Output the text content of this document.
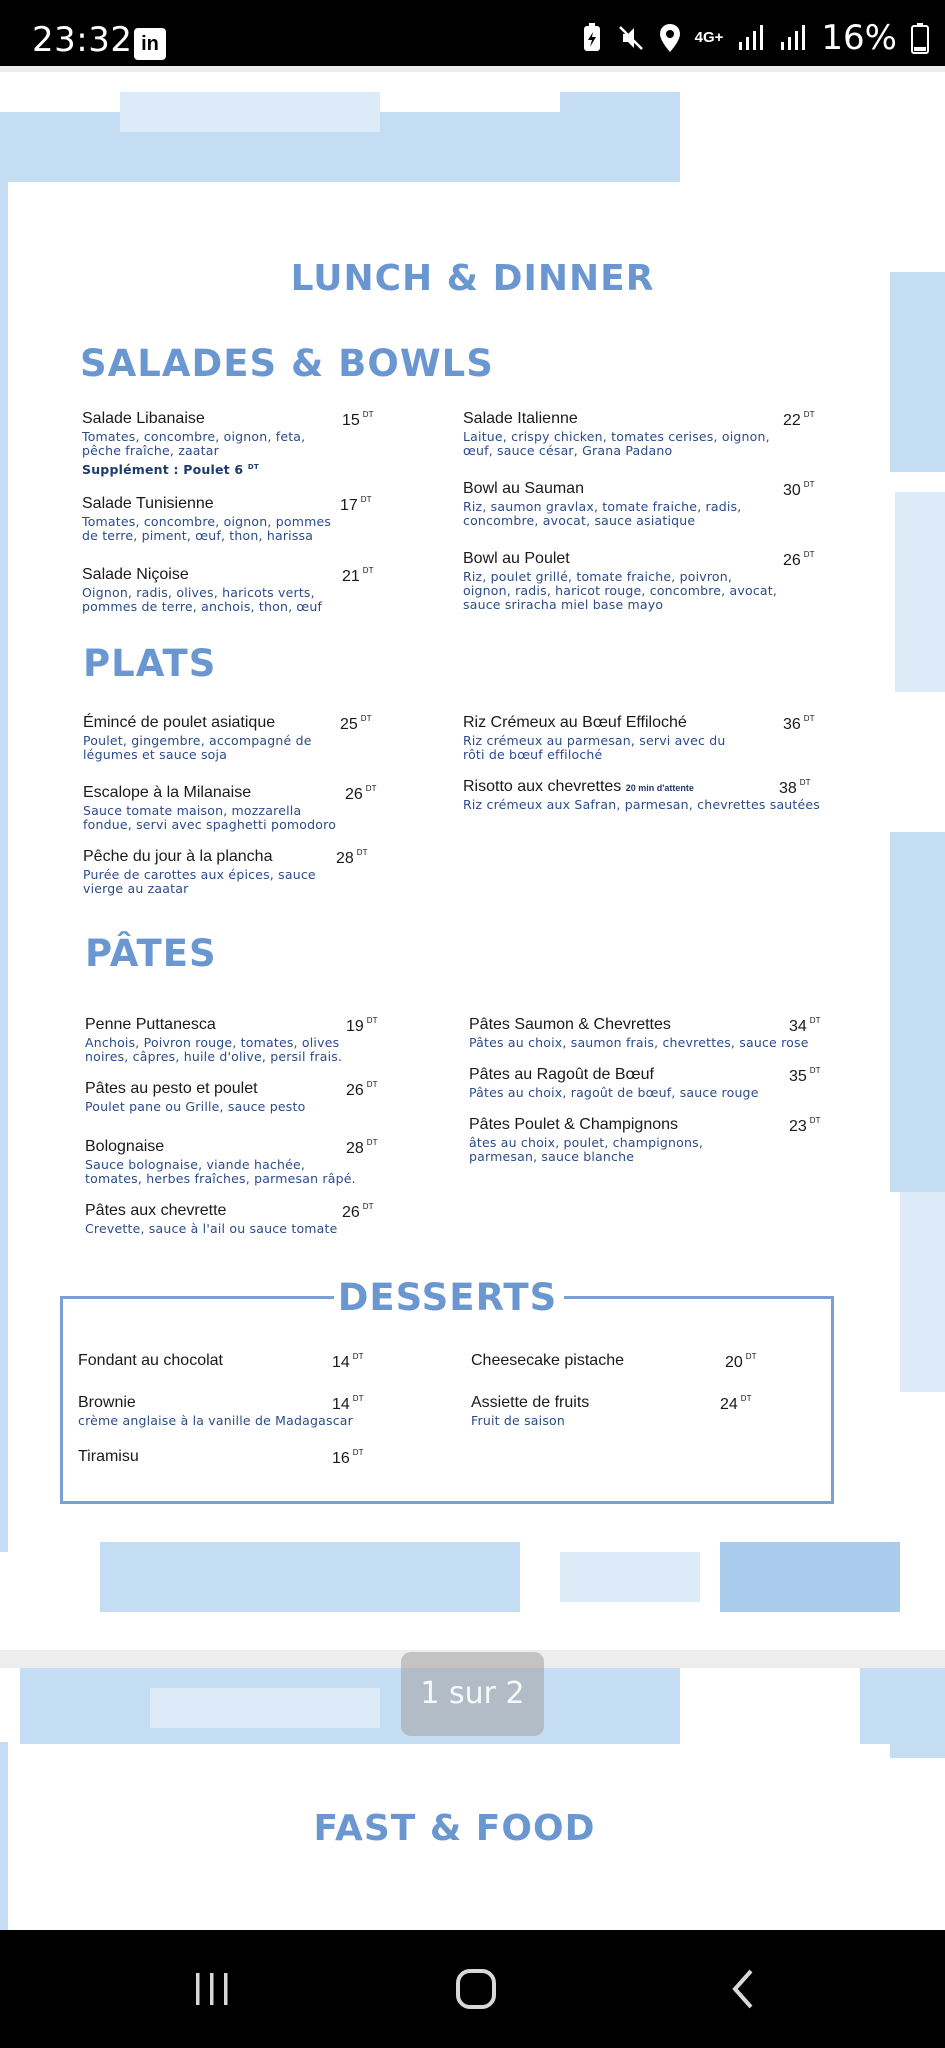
23:32 in	4G+	16%
LUNCH & DINNER
SALADES & BOWLS
Salade Libanaise	15 $^{DT}$
Tomates, concombre, oignon, feta, pêche fraîche, zaatar
Supplément : Poulet 6 $^{DT}$
Salade Tunisienne	17 $^{DT}$
Tomates, concombre, oignon, pommes de terre, piment, œuf, thon, harissa
Salade Niçoise	21 $^{DT}$
Oignon, radis, olives, haricots verts, pommes de terre, anchois, thon, œuf
Salade Italienne	22 $^{DT}$
Laitue, crispy chicken, tomates cerises, oignon, œuf, sauce césar, Grana Padano
Bowl au Sauman	30 $^{DT}$
Riz, saumon gravlax, tomate fraiche, radis, concombre, avocat, sauce asiatique
Bowl au Poulet	26 $^{DT}$
Riz, poulet grillé, tomate fraiche, poivron, oignon, radis, haricot rouge, concombre, avocat, sauce sriracha miel base mayo
PLATS
Émincé de poulet asiatique	25 $^{DT}$
Poulet, gingembre, accompagné de légumes et sauce soja
Escalope à la Milanaise	26 $^{DT}$
Sauce tomate maison, mozzarella fondue, servi avec spaghetti pomodoro
Pêche du jour à la plancha	28 $^{DT}$
Purée de carottes aux épices, sauce vierge au zaatar
Riz Crémeux au Bœuf Effiloché	36 $^{DT}$
Riz crémeux au parmesan, servi avec du rôti de bœuf effiloché
Risotto aux chevrettes 20 min d'attente	38 $^{DT}$
Riz crémeux aux Safran, parmesan, chevrettes sautées
PÂTES
Penne Puttanesca	19 $^{DT}$
Anchois, Poivron rouge, tomates, olives noires, câpres, huile d'olive, persil frais.
Pâtes au pesto et poulet	26 $^{DT}$
Poulet pane ou Grille, sauce pesto
Bolognaise	28 $^{DT}$
Sauce bolognaise, viande hachée, tomates, herbes fraîches, parmesan râpé.
Pâtes aux chevrette	26 $^{DT}$
Crevette, sauce à l'ail ou sauce tomate
Pâtes Saumon & Chevrettes	34 $^{DT}$
Pâtes au choix, saumon frais, chevrettes, sauce rose
Pâtes au Ragoût de Bœuf	35 $^{DT}$
Pâtes au choix, ragoût de bœuf, sauce rouge
Pâtes Poulet & Champignons	23 $^{DT}$
âtes au choix, poulet, champignons, parmesan, sauce blanche
DESSERTS
Fondant au chocolat	14 $^{DT}$
Brownie	14 $^{DT}$
crème anglaise à la vanille de Madagascar
Tiramisu	16 $^{DT}$
Cheesecake pistache	20 $^{DT}$
Assiette de fruits	24 $^{DT}$
Fruit de saison
FAST & FOOD
1 sur 2
